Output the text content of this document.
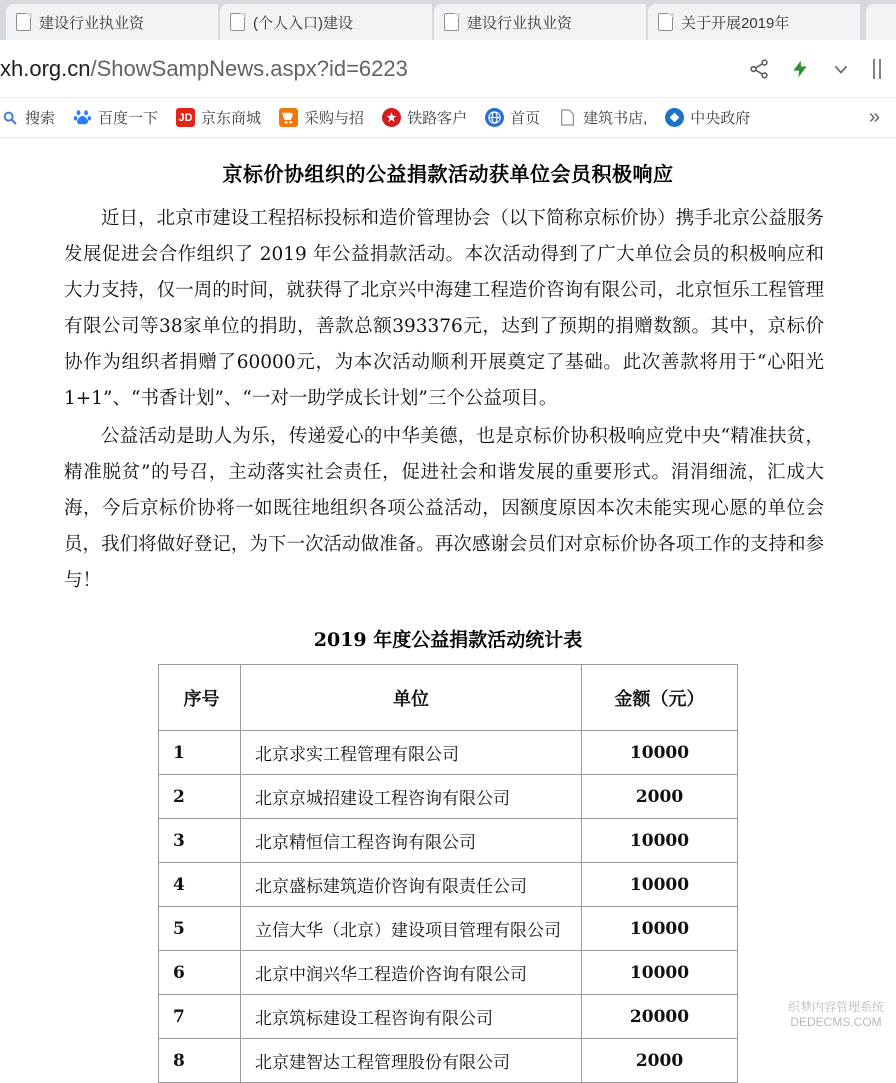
建设行业执业资	(个人入口)建设	建设行业执业资	关于开展2019年
xh.org.cn/ShowSampNews.aspx?id=6223
搜索	百度一下 JD 京东商城	采购与招	铁路客户	首页	建筑书店,	中央政府	»
京标价协组织的公益捐款活动获单位会员积极响应

近日，北京市建设工程招标投标和造价管理协会（以下简称京标价协）携手北京公益服务发展促进会合作组织了 2019 年公益捐款活动。本次活动得到了广大单位会员的积极响应和大力支持，仅一周的时间，就获得了北京兴中海建工程造价咨询有限公司，北京恒乐工程管理有限公司等38家单位的捐助，善款总额393376元，达到了预期的捐赠数额。其中，京标价协作为组织者捐赠了60000元，为本次活动顺利开展奠定了基础。此次善款将用于“心阳光1+1”、“书香计划”、“一对一助学成长计划”三个公益项目。

公益活动是助人为乐，传递爱心的中华美德，也是京标价协积极响应党中央“精准扶贫，精准脱贫”的号召，主动落实社会责任，促进社会和谐发展的重要形式。涓涓细流，汇成大海，今后京标价协将一如既往地组织各项公益活动，因额度原因本次未能实现心愿的单位会员，我们将做好登记，为下一次活动做准备。再次感谢会员们对京标价协各项工作的支持和参与！

2019 年度公益捐款活动统计表
序号	单位	金额（元）
1	北京求实工程管理有限公司	10000
2	北京京城招建设工程咨询有限公司	2000
3	北京精恒信工程咨询有限公司	10000
4	北京盛标建筑造价咨询有限责任公司	10000
5	立信大华（北京）建设项目管理有限公司	10000
6	北京中润兴华工程造价咨询有限公司	10000
7	北京筑标建设工程咨询有限公司	20000
8	北京建智达工程管理股份有限公司	2000
织梦内容管理系统
DEDECMS.COM
